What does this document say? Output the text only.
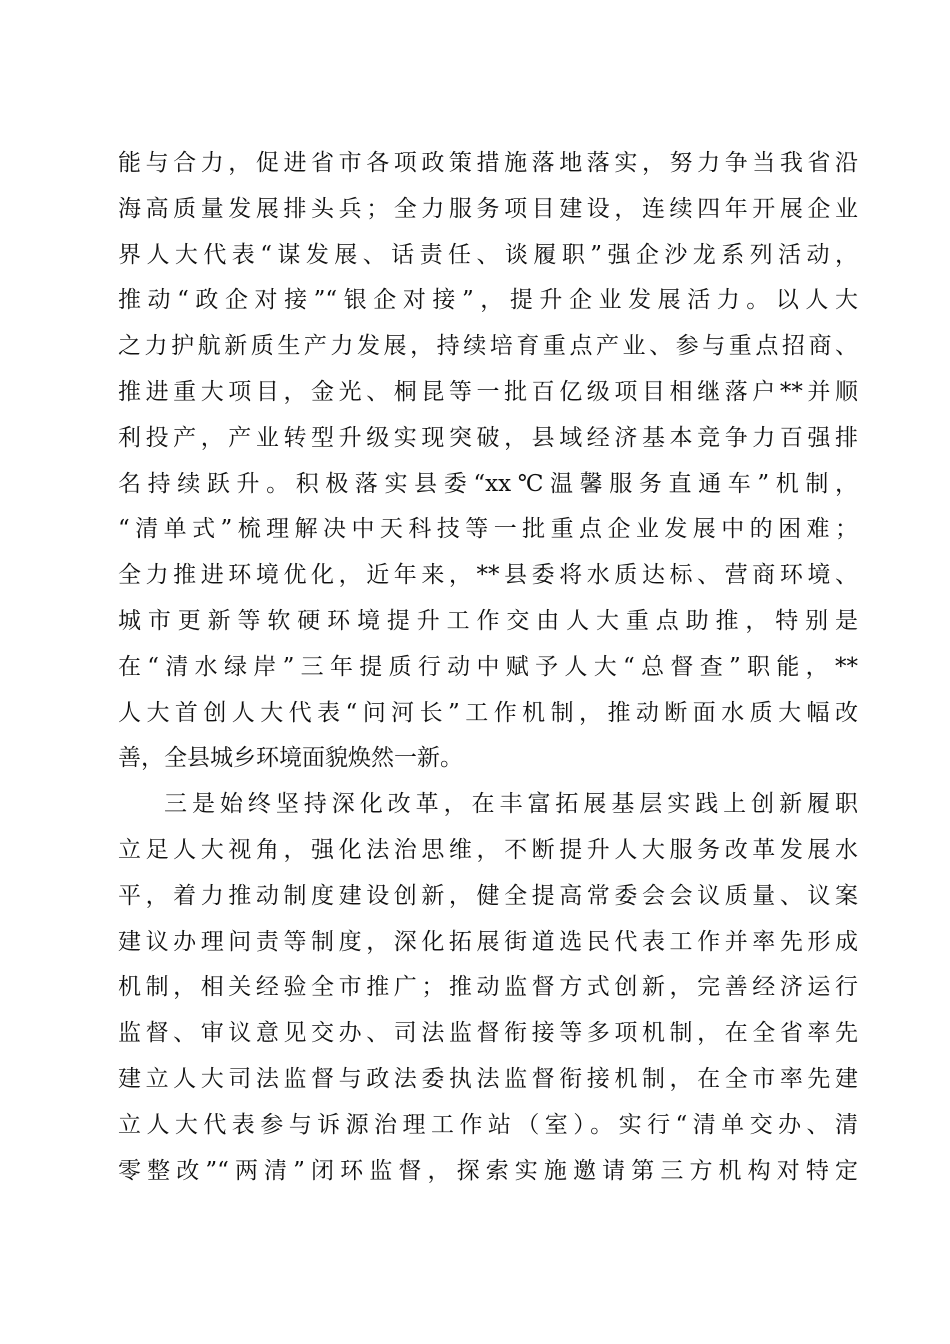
能与合力，促进省市各项政策措施落地落实，努力争当我省沿
海高质量发展排头兵；全力服务项目建设，连续四年开展企业
界人大代表“谋发展、话责任、谈履职”强企沙龙系列活动，
推动“政企对接”“银企对接”，提升企业发展活力。以人大
之力护航新质生产力发展，持续培育重点产业、参与重点招商、
推进重大项目，金光、桐昆等一批百亿级项目相继落户**并顺
利投产，产业转型升级实现突破，县域经济基本竞争力百强排
名持续跃升。积极落实县委“xx℃温馨服务直通车”机制，
“清单式”梳理解决中天科技等一批重点企业发展中的困难；
全力推进环境优化，近年来，**县委将水质达标、营商环境、
城市更新等软硬环境提升工作交由人大重点助推，特别是
在“清水绿岸”三年提质行动中赋予人大“总督查”职能，**
人大首创人大代表“问河长”工作机制，推动断面水质大幅改
善，全县城乡环境面貌焕然一新。
三是始终坚持深化改革，在丰富拓展基层实践上创新履职
立足人大视角，强化法治思维，不断提升人大服务改革发展水
平，着力推动制度建设创新，健全提高常委会会议质量、议案
建议办理问责等制度，深化拓展街道选民代表工作并率先形成
机制，相关经验全市推广；推动监督方式创新，完善经济运行
监督、审议意见交办、司法监督衔接等多项机制，在全省率先
建立人大司法监督与政法委执法监督衔接机制，在全市率先建
立人大代表参与诉源治理工作站（室）。实行“清单交办、清
零整改”“两清”闭环监督，探索实施邀请第三方机构对特定
